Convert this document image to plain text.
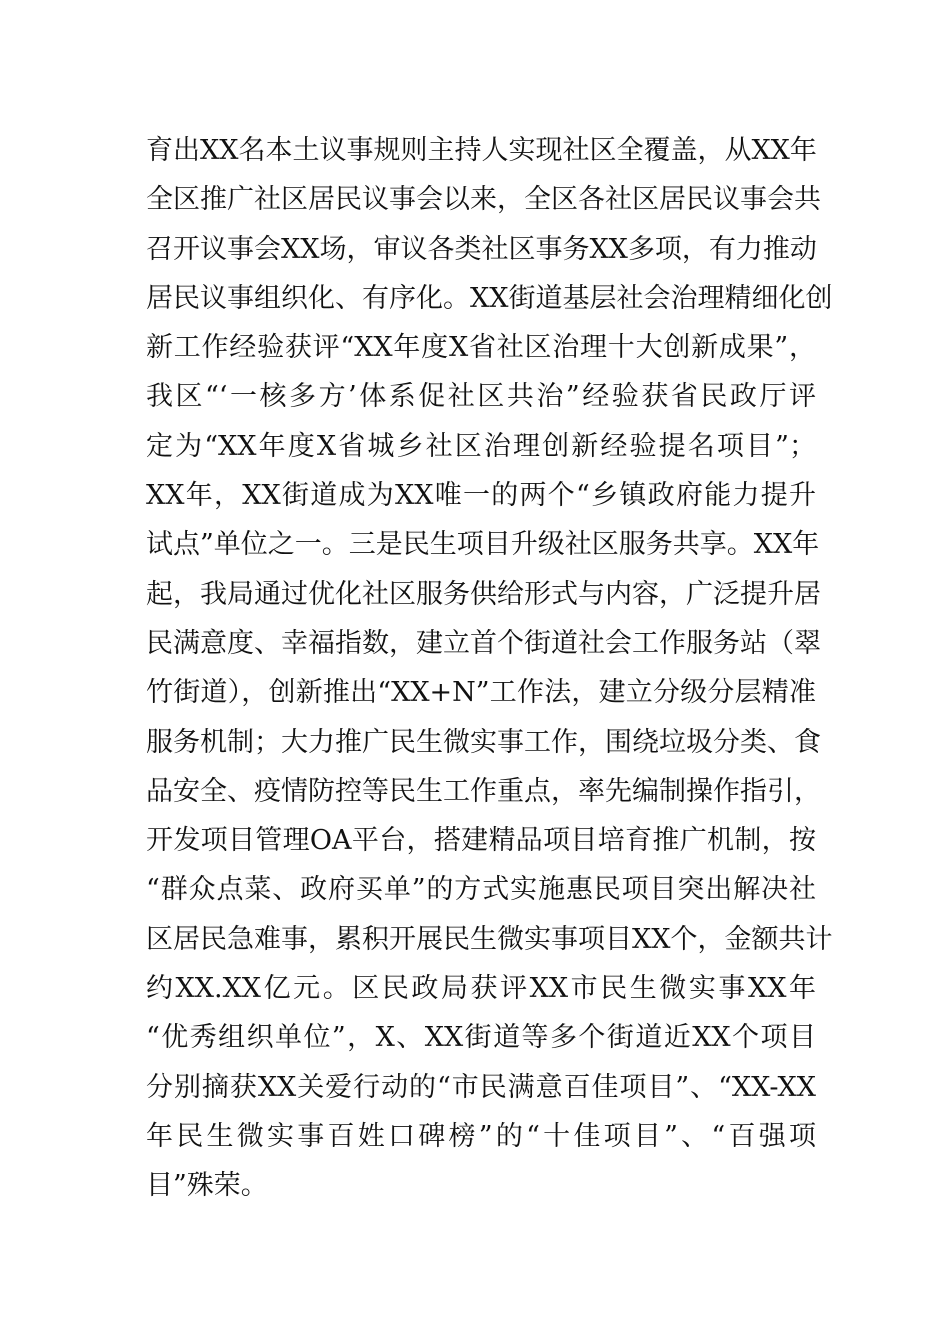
育出XX名本土议事规则主持人实现社区全覆盖，从XX年
全区推广社区居民议事会以来，全区各社区居民议事会共
召开议事会XX场，审议各类社区事务XX多项，有力推动
居民议事组织化、有序化。XX街道基层社会治理精细化创
新工作经验获评“XX年度X省社区治理十大创新成果”，
我区“‘一核多方’体系促社区共治”经验获省民政厅评
定为“XX年度X省城乡社区治理创新经验提名项目”；
XX年，XX街道成为XX唯一的两个“乡镇政府能力提升
试点”单位之一。三是民生项目升级社区服务共享。XX年
起，我局通过优化社区服务供给形式与内容，广泛提升居
民满意度、幸福指数，建立首个街道社会工作服务站（翠
竹街道），创新推出“XX+N”工作法，建立分级分层精准
服务机制；大力推广民生微实事工作，围绕垃圾分类、食
品安全、疫情防控等民生工作重点，率先编制操作指引，
开发项目管理OA平台，搭建精品项目培育推广机制，按
“群众点菜、政府买单”的方式实施惠民项目突出解决社
区居民急难事，累积开展民生微实事项目XX个，金额共计
约XX.XX亿元。区民政局获评XX市民生微实事XX年
“优秀组织单位”，X、XX街道等多个街道近XX个项目
分别摘获XX关爱行动的“市民满意百佳项目”、“XX-XX
年民生微实事百姓口碑榜”的“十佳项目”、“百强项
目”殊荣。
